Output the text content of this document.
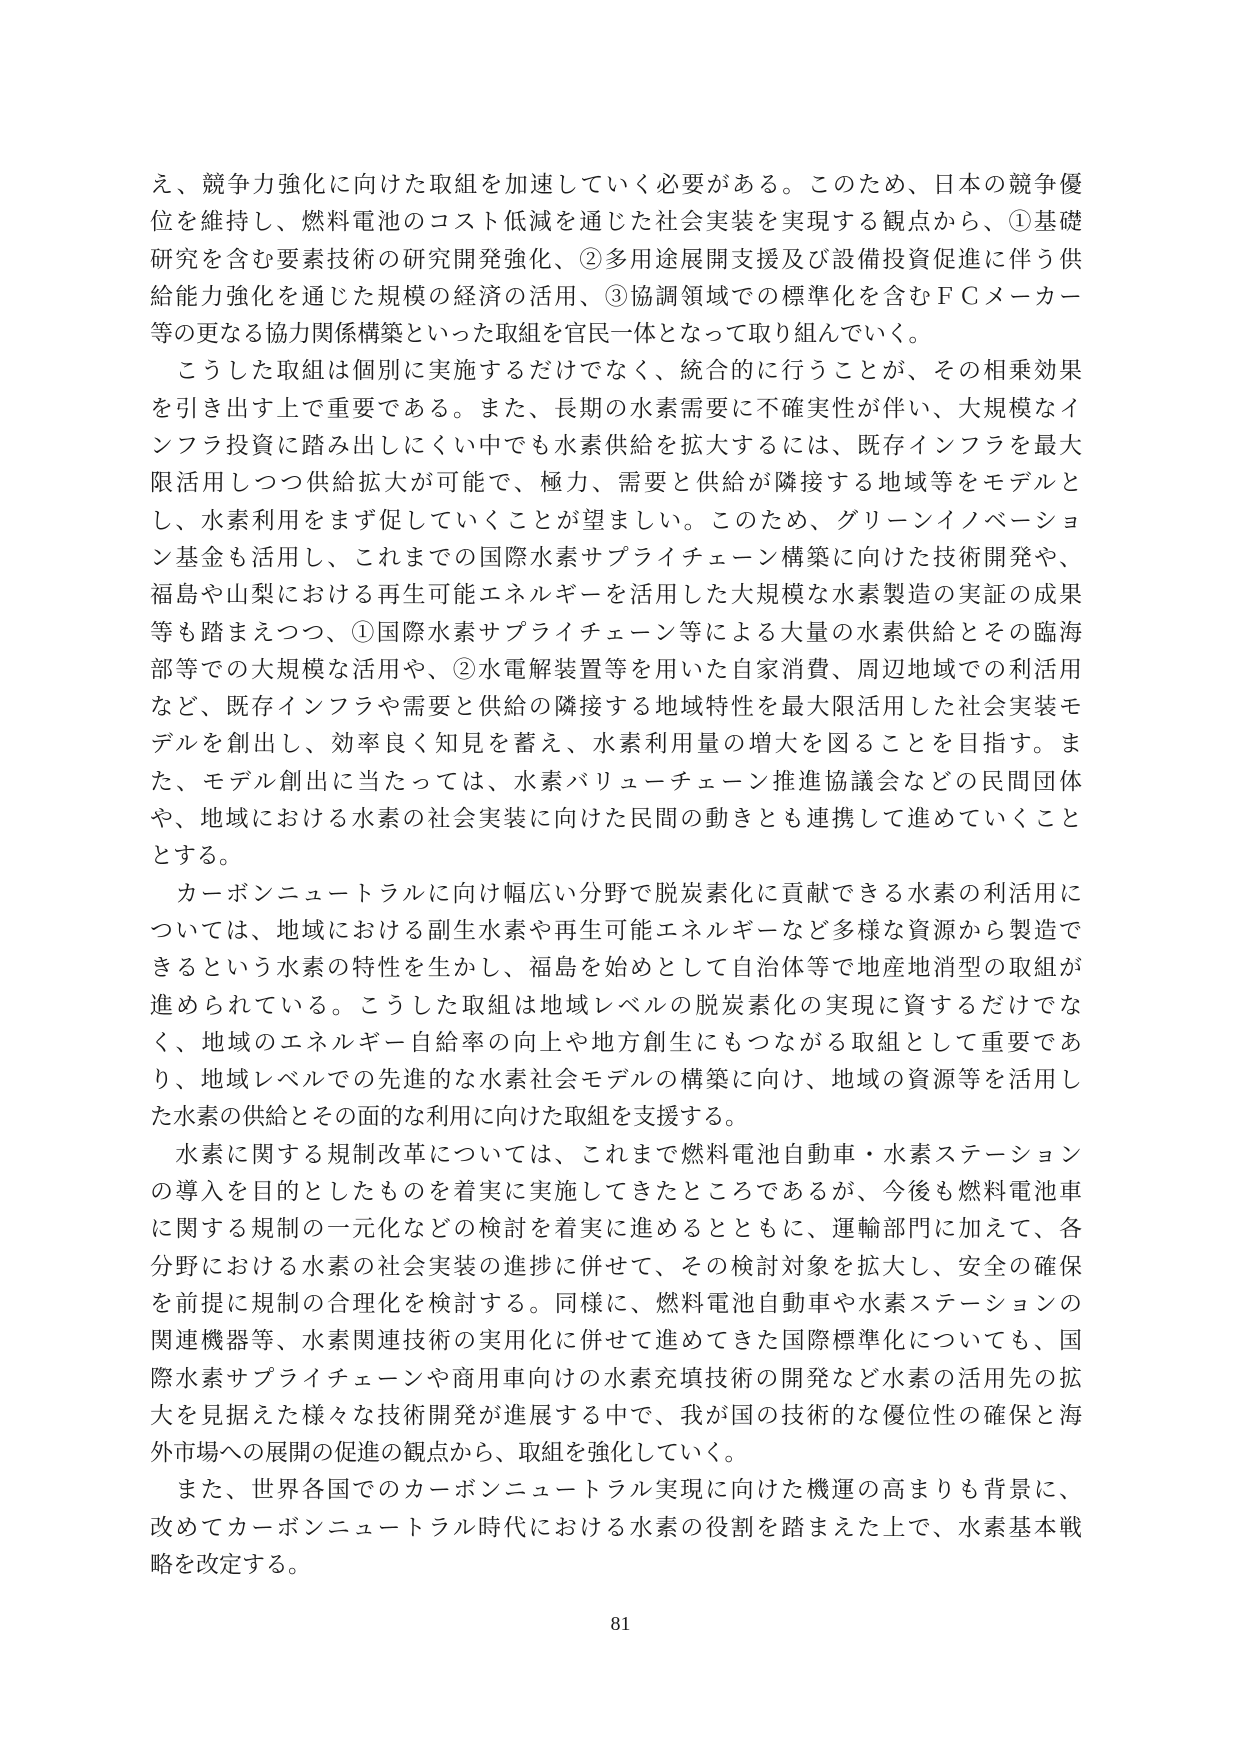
え、競争力強化に向けた取組を加速していく必要がある。このため、日本の競争優
位を維持し、燃料電池のコスト低減を通じた社会実装を実現する観点から、①基礎
研究を含む要素技術の研究開発強化、②多用途展開支援及び設備投資促進に伴う供
給能力強化を通じた規模の経済の活用、③協調領域での標準化を含むＦＣメーカー
等の更なる協力関係構築といった取組を官民一体となって取り組んでいく。
　こうした取組は個別に実施するだけでなく、統合的に行うことが、その相乗効果
を引き出す上で重要である。また、長期の水素需要に不確実性が伴い、大規模なイ
ンフラ投資に踏み出しにくい中でも水素供給を拡大するには、既存インフラを最大
限活用しつつ供給拡大が可能で、極力、需要と供給が隣接する地域等をモデルと
し、水素利用をまず促していくことが望ましい。このため、グリーンイノベーショ
ン基金も活用し、これまでの国際水素サプライチェーン構築に向けた技術開発や、
福島や山梨における再生可能エネルギーを活用した大規模な水素製造の実証の成果
等も踏まえつつ、①国際水素サプライチェーン等による大量の水素供給とその臨海
部等での大規模な活用や、②水電解装置等を用いた自家消費、周辺地域での利活用
など、既存インフラや需要と供給の隣接する地域特性を最大限活用した社会実装モ
デルを創出し、効率良く知見を蓄え、水素利用量の増大を図ることを目指す。ま
た、モデル創出に当たっては、水素バリューチェーン推進協議会などの民間団体
や、地域における水素の社会実装に向けた民間の動きとも連携して進めていくこと
とする。
　カーボンニュートラルに向け幅広い分野で脱炭素化に貢献できる水素の利活用に
ついては、地域における副生水素や再生可能エネルギーなど多様な資源から製造で
きるという水素の特性を生かし、福島を始めとして自治体等で地産地消型の取組が
進められている。こうした取組は地域レベルの脱炭素化の実現に資するだけでな
く、地域のエネルギー自給率の向上や地方創生にもつながる取組として重要であ
り、地域レベルでの先進的な水素社会モデルの構築に向け、地域の資源等を活用し
た水素の供給とその面的な利用に向けた取組を支援する。
　水素に関する規制改革については、これまで燃料電池自動車・水素ステーション
の導入を目的としたものを着実に実施してきたところであるが、今後も燃料電池車
に関する規制の一元化などの検討を着実に進めるとともに、運輸部門に加えて、各
分野における水素の社会実装の進捗に併せて、その検討対象を拡大し、安全の確保
を前提に規制の合理化を検討する。同様に、燃料電池自動車や水素ステーションの
関連機器等、水素関連技術の実用化に併せて進めてきた国際標準化についても、国
際水素サプライチェーンや商用車向けの水素充填技術の開発など水素の活用先の拡
大を見据えた様々な技術開発が進展する中で、我が国の技術的な優位性の確保と海
外市場への展開の促進の観点から、取組を強化していく。
　また、世界各国でのカーボンニュートラル実現に向けた機運の高まりも背景に、
改めてカーボンニュートラル時代における水素の役割を踏まえた上で、水素基本戦
略を改定する。
81
